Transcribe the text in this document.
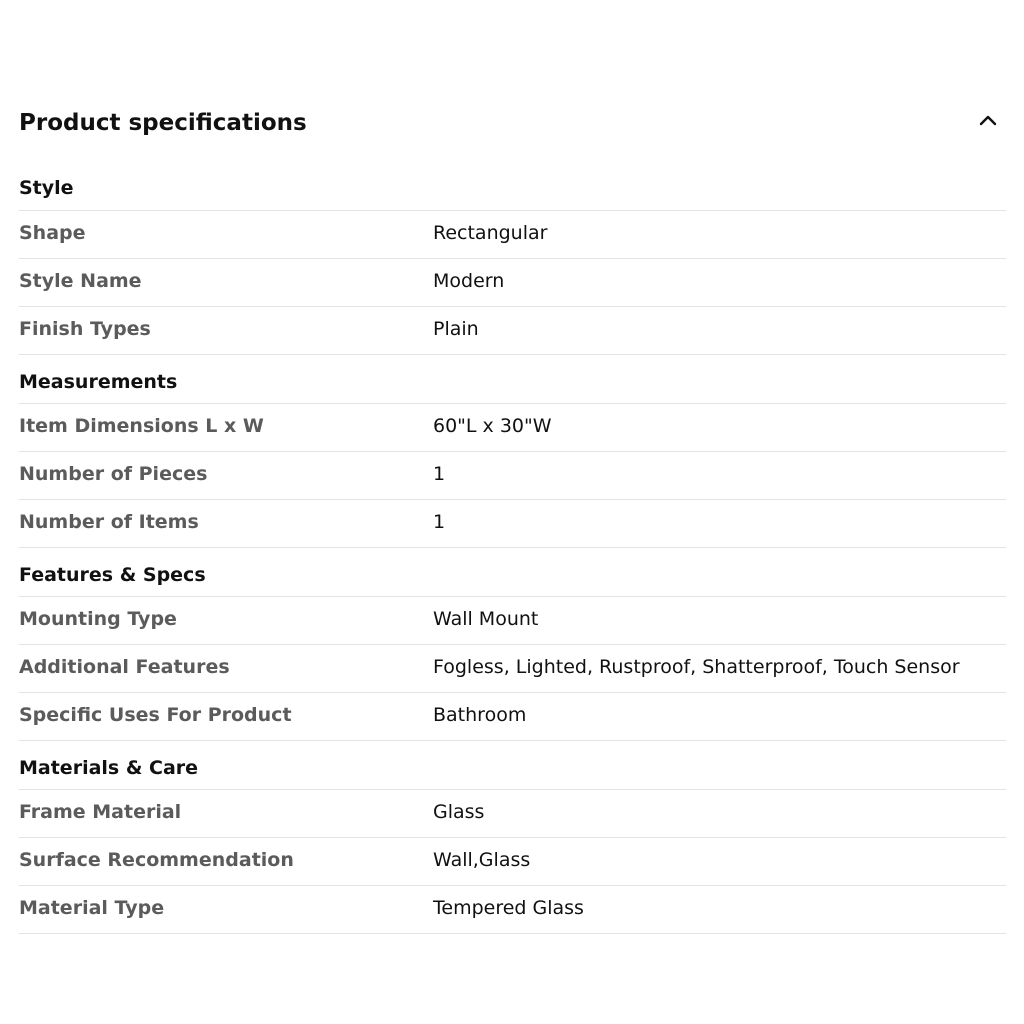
Product specifications
Style
Shape	Rectangular
Style Name	Modern
Finish Types	Plain
Measurements
Item Dimensions L x W	60"L x 30"W
Number of Pieces	1
Number of Items	1
Features & Specs
Mounting Type	Wall Mount
Additional Features	Fogless, Lighted, Rustproof, Shatterproof, Touch Sensor
Specific Uses For Product	Bathroom
Materials & Care
Frame Material	Glass
Surface Recommendation	Wall,Glass
Material Type	Tempered Glass
